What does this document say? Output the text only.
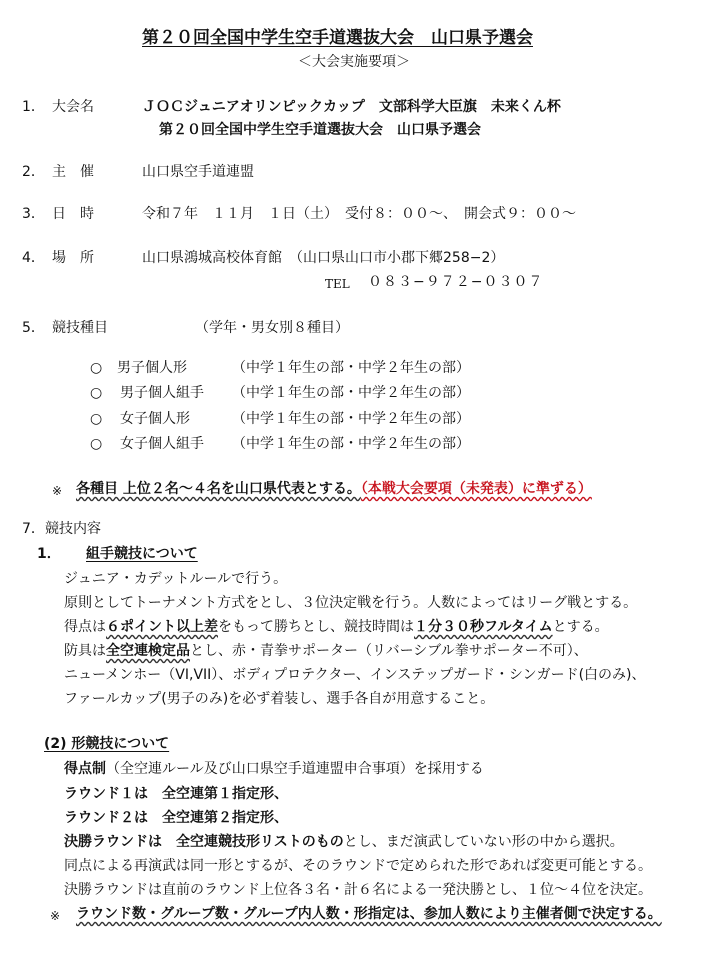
第２０回全国中学生空手道選抜大会　山口県予選会
＜大会実施要項＞
1． 大会名	ＪＯＣジュニアオリンピックカップ　文部科学大臣旗　未来くん杯
第２０回全国中学生空手道選抜大会　山口県予選会
2． 主　催	山口県空手道連盟
3． 日　時	令和７年　１１月　１日（土）　受付８：００～、　開会式９：００～
4． 場　所	山口県鴻城高校体育館　（山口県山口市小郡下郷258−2）
TEL ０８３−９７２−０３０７
5． 競技種目	（学年・男女別８種目）
○ 男子個人形	（中学１年生の部・中学２年生の部）
○ 男子個人組手 （中学１年生の部・中学２年生の部）
○ 女子個人形	（中学１年生の部・中学２年生の部）
○ 女子個人組手 （中学１年生の部・中学２年生の部）
※ 各種目 上位２名～４名を山口県代表とする。（本戦大会要項（未発表）に準ずる）
7． 競技内容
1． 組手競技について
ジュニア・カデットルールで行う。
原則としてトーナメント方式をとし、３位決定戦を行う。人数によってはリーグ戦とする。
得点は６ポイント以上差をもって勝ちとし、競技時間は１分３０秒フルタイムとする。
防具は全空連検定品とし、赤・青拳サポーター（リバーシブル拳サポーター不可）、
ニューメンホー（VI,VII）、ボディプロテクター、インステップガード・シンガード(白のみ)、
ファールカップ(男子のみ)を必ず着装し、選手各自が用意すること。
(2) 形競技について
得点制（全空連ルール及び山口県空手道連盟申合事項）を採用する
ラウンド１は　全空連第１指定形、
ラウンド２は　全空連第２指定形、
決勝ラウンドは　全空連競技形リストのものとし、まだ演武していない形の中から選択。
同点による再演武は同一形とするが、そのラウンドで定められた形であれば変更可能とする。
決勝ラウンドは直前のラウンド上位各３名・計６名による一発決勝とし、１位～４位を決定。
※ ラウンド数・グループ数・グループ内人数・形指定は、参加人数により主催者側で決定する。
